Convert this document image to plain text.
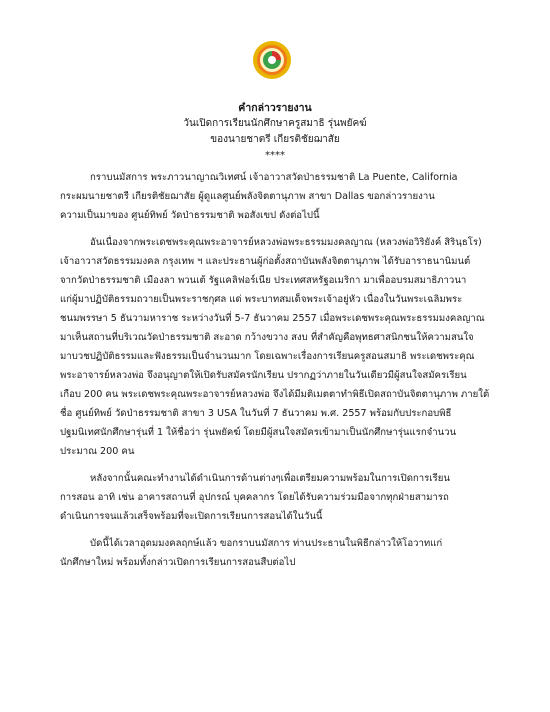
คำกล่าวรายงาน
วันเปิดการเรียนนักศึกษาครูสมาธิ รุ่นพยัคฆ์
ของนายชาตรี เกียรติชัยฌาสัย
****
กราบนมัสการ พระภาวนาญาณวิเทศน์ เจ้าอาวาสวัดป่าธรรมชาติ La Puente, California
กระผมนายชาตรี เกียรติชัยฌาสัย ผู้ดูแลศูนย์พลังจิตตานุภาพ สาขา Dallas ขอกล่าวรายงาน
ความเป็นมาของ ศูนย์ทิพย์ วัดป่าธรรมชาติ พอสังเขป ดังต่อไปนี้
อันเนื่องจากพระเดชพระคุณพระอาจารย์หลวงพ่อพระธรรมมงคลญาณ (หลวงพ่อวิริยังค์ สิรินฺธโร)
เจ้าอาวาสวัดธรรมมงคล กรุงเทพ ฯ และประธานผู้ก่อตั้งสถาบันพลังจิตตานุภาพ ได้รับอาราธนานิมนต์
จากวัดป่าธรรมชาติ เมืองลา พวนเต้ รัฐแคลิฟอร์เนีย ประเทศสหรัฐอเมริกา มาเพื่ออบรมสมาธิภาวนา
แก่ผู้มาปฏิบัติธรรมถวายเป็นพระราชกุศล แด่ พระบาทสมเด็จพระเจ้าอยู่หัว เนื่องในวันพระเฉลิมพระ
ชนมพรรษา 5 ธันวามหาราช ระหว่างวันที่ 5-7 ธันวาคม 2557 เมื่อพระเดชพระคุณพระธรรมมงคลญาณ
มาเห็นสถานที่บริเวณวัดป่าธรรมชาติ สะอาด กว้างขวาง สงบ ที่สำคัญคือพุทธศาสนิกชนให้ความสนใจ
มาบวชปฏิบัติธรรมและฟังธรรมเป็นจำนวนมาก โดยเฉพาะเรื่องการเรียนครูสอนสมาธิ พระเดชพระคุณ
พระอาจารย์หลวงพ่อ จึงอนุญาตให้เปิดรับสมัครนักเรียน ปรากฏว่าภายในวันเดียวมีผู้สนใจสมัครเรียน
เกือบ 200 คน พระเดชพระคุณพระอาจารย์หลวงพ่อ จึงได้มีมติเมตตาทำพิธีเปิดสถาบันจิตตานุภาพ ภายใต้
ชื่อ ศูนย์ทิพย์ วัดป่าธรรมชาติ สาขา 3 USA ในวันที่ 7 ธันวาคม พ.ศ. 2557 พร้อมกับประกอบพิธี
ปฐมนิเทศนักศึกษารุ่นที่ 1 ให้ชื่อว่า รุ่นพยัคฆ์ โดยมีผู้สนใจสมัครเข้ามาเป็นนักศึกษารุ่นแรกจำนวน
ประมาณ 200 คน
หลังจากนั้นคณะทำงานได้ดำเนินการด้านต่างๆเพื่อเตรียมความพร้อมในการเปิดการเรียน
การสอน อาทิ เช่น อาคารสถานที่ อุปกรณ์ บุคคลากร โดยได้รับความร่วมมือจากทุกฝ่ายสามารถ
ดำเนินการจนแล้วเสร็จพร้อมที่จะเปิดการเรียนการสอนได้ในวันนี้
บัดนี้ได้เวลาอุดมมงคลฤกษ์แล้ว ขอกราบนมัสการ ท่านประธานในพิธีกล่าวให้โอวาทแก่
นักศึกษาใหม่ พร้อมทั้งกล่าวเปิดการเรียนการสอนสืบต่อไป
